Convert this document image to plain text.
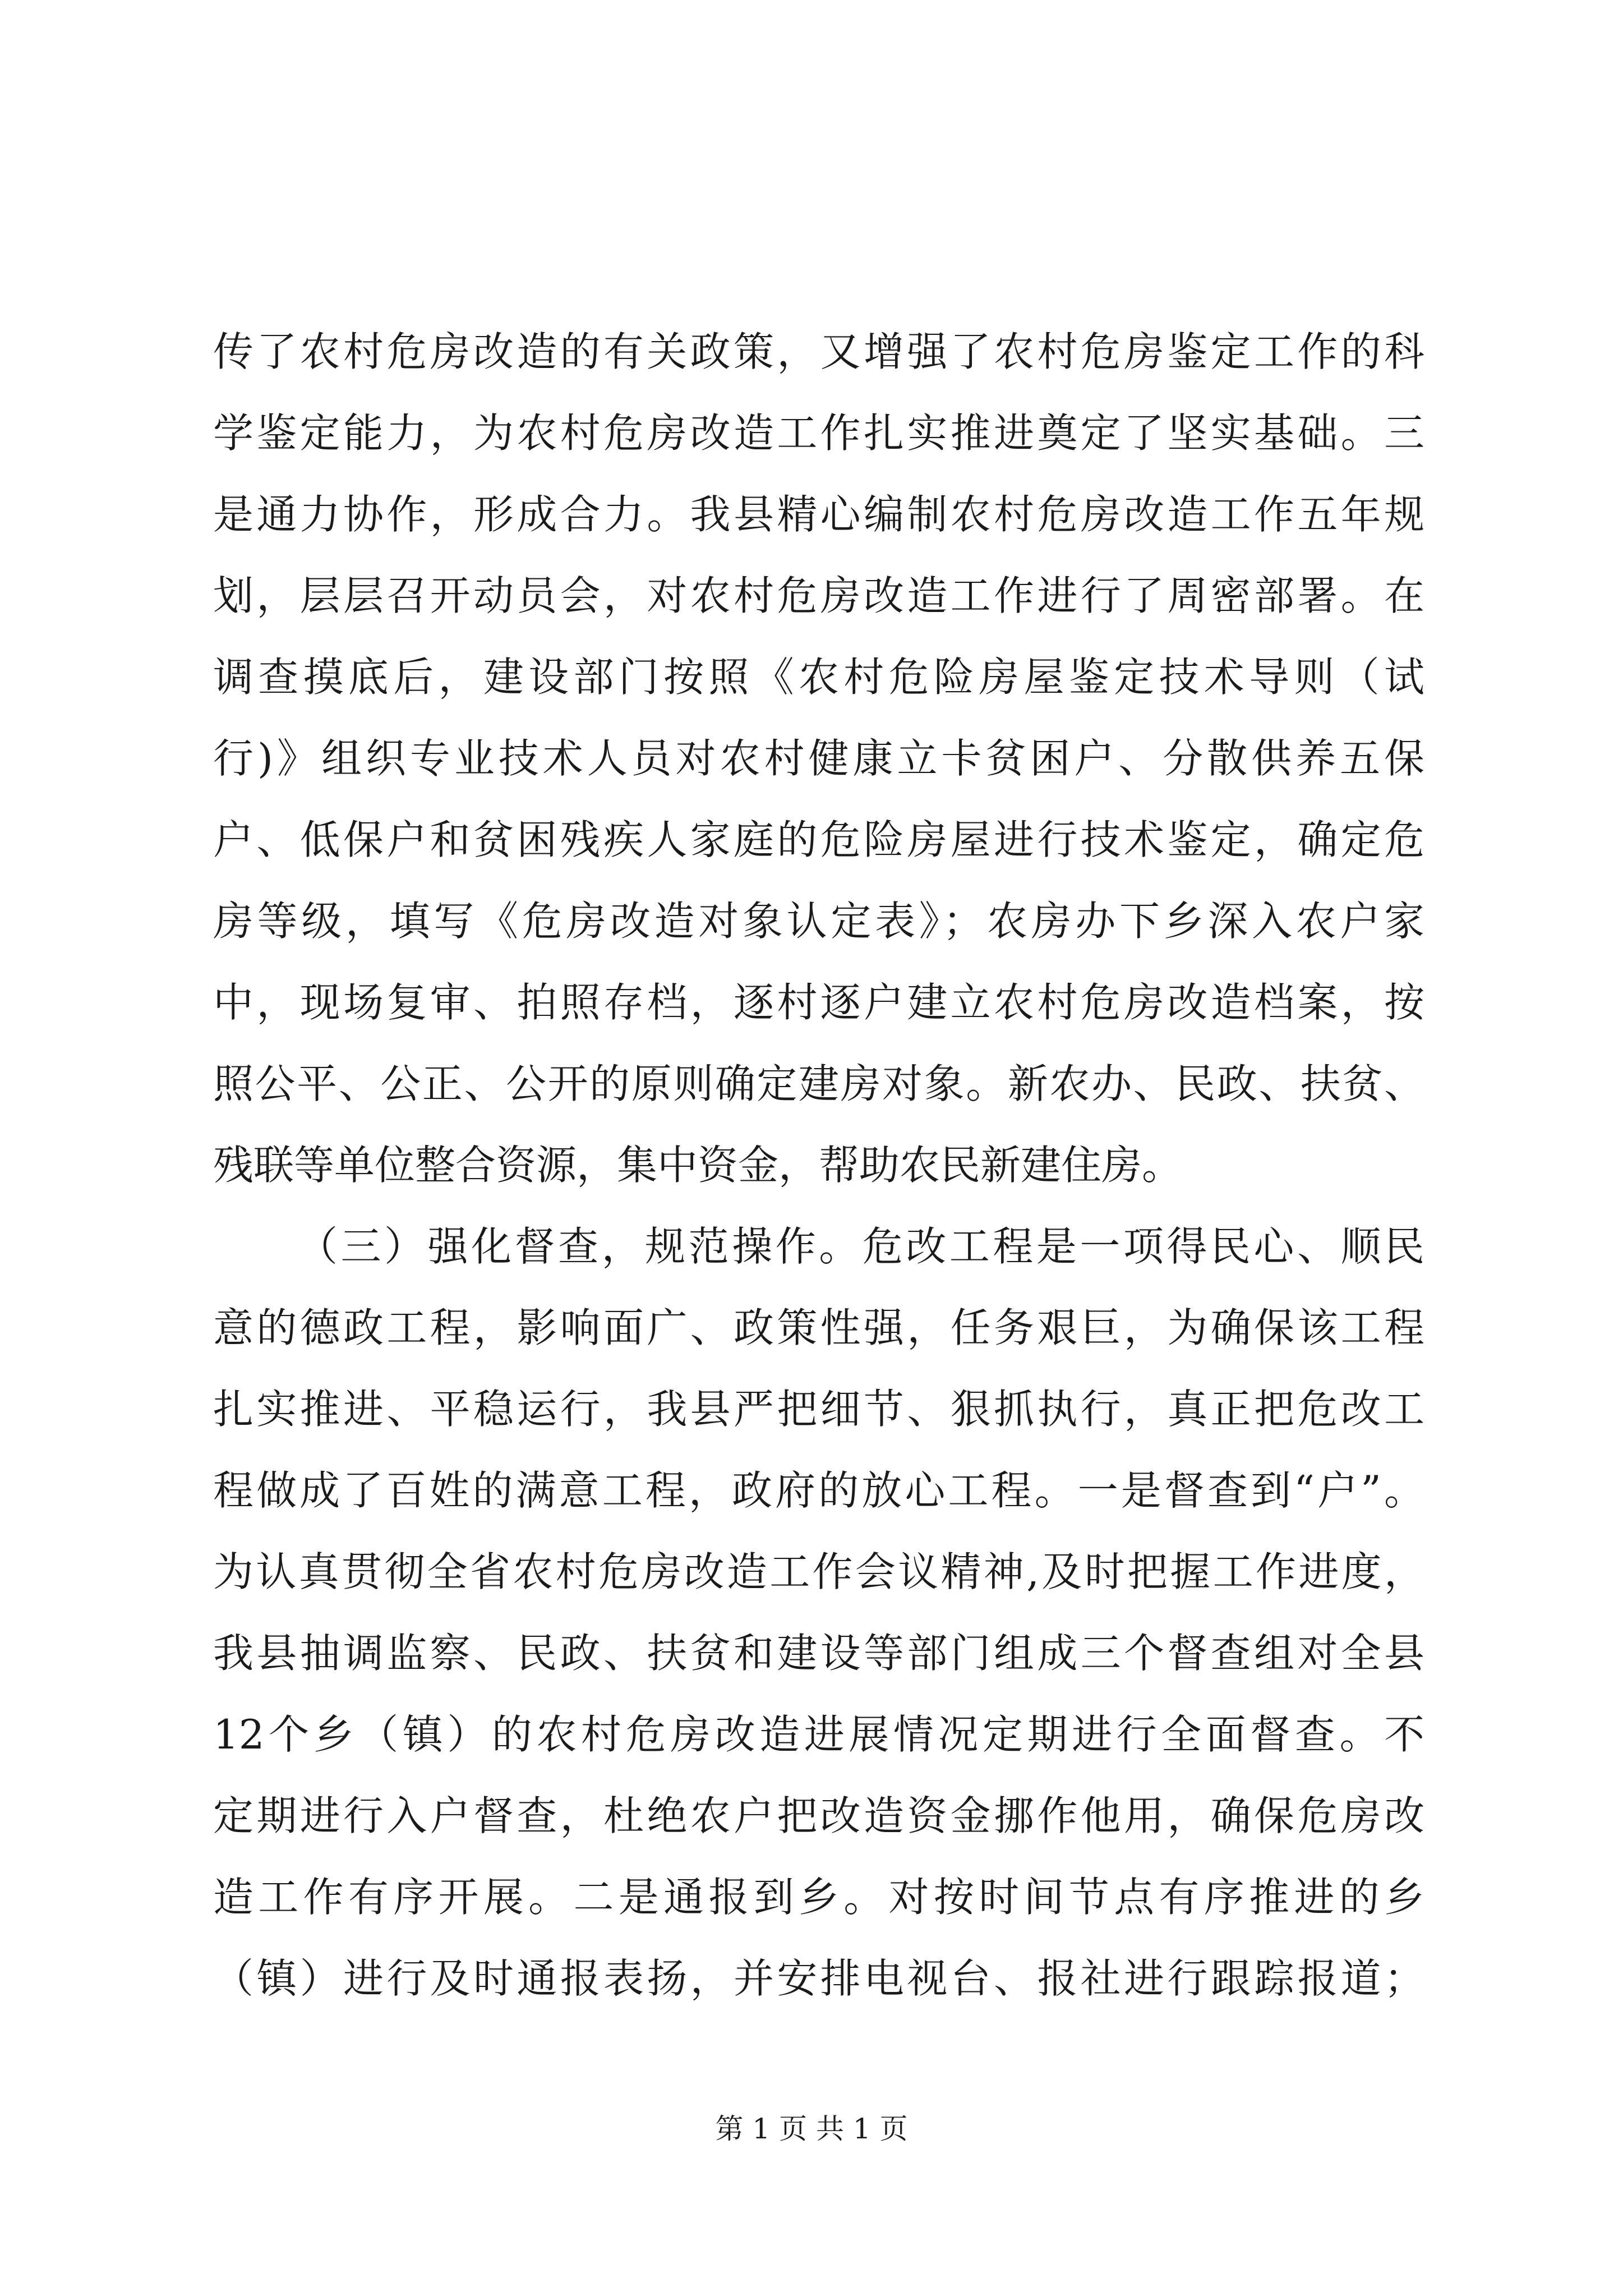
传了农村危房改造的有关政策，又增强了农村危房鉴定工作的科
学鉴定能力，为农村危房改造工作扎实推进奠定了坚实基础。三
是通力协作，形成合力。我县精心编制农村危房改造工作五年规
划，层层召开动员会，对农村危房改造工作进行了周密部署。在
调查摸底后，建设部门按照《农村危险房屋鉴定技术导则（试
行)》组织专业技术人员对农村健康立卡贫困户、分散供养五保
户、低保户和贫困残疾人家庭的危险房屋进行技术鉴定，确定危
房等级，填写《危房改造对象认定表》；农房办下乡深入农户家
中，现场复审、拍照存档，逐村逐户建立农村危房改造档案，按
照公平、公正、公开的原则确定建房对象。新农办、民政、扶贫、
残联等单位整合资源，集中资金，帮助农民新建住房。
（三）强化督查，规范操作。危改工程是一项得民心、顺民
意的德政工程，影响面广、政策性强，任务艰巨，为确保该工程
扎实推进、平稳运行，我县严把细节、狠抓执行，真正把危改工
程做成了百姓的满意工程，政府的放心工程。一是督查到“户”。
为认真贯彻全省农村危房改造工作会议精神,及时把握工作进度，
我县抽调监察、民政、扶贫和建设等部门组成三个督查组对全县
12个乡（镇）的农村危房改造进展情况定期进行全面督查。不
定期进行入户督查，杜绝农户把改造资金挪作他用，确保危房改
造工作有序开展。二是通报到乡。对按时间节点有序推进的乡
（镇）进行及时通报表扬，并安排电视台、报社进行跟踪报道；
第 1 页 共 1 页
